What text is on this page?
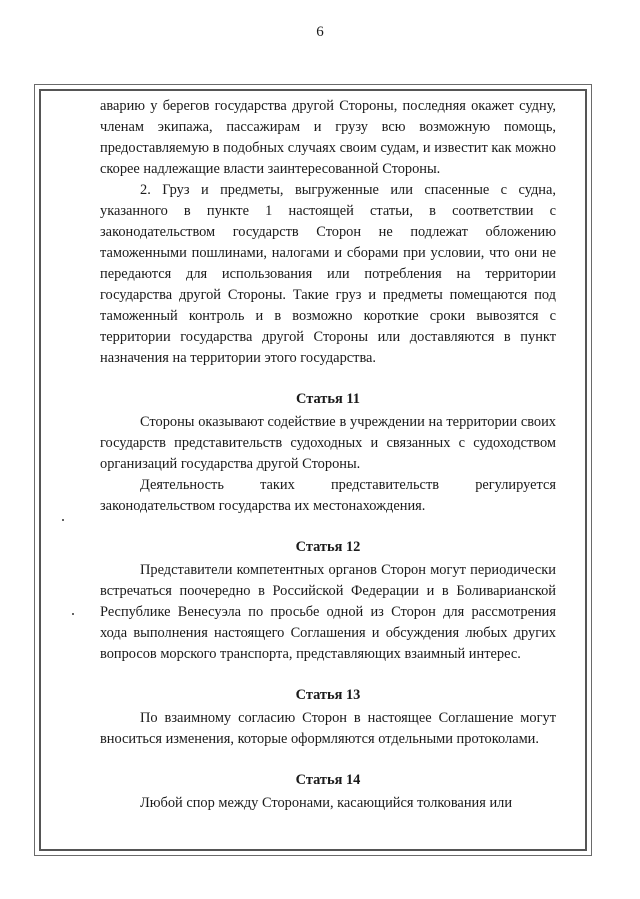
6

аварию у берегов государства другой Стороны, последняя окажет судну, членам экипажа, пассажирам и грузу всю возможную помощь, предоставляемую в подобных случаях своим судам, и известит как можно скорее надлежащие власти заинтересованной Стороны.

2. Груз и предметы, выгруженные или спасенные с судна, указанного в пункте 1 настоящей статьи, в соответствии с законодательством государств Сторон не подлежат обложению таможенными пошлинами, налогами и сборами при условии, что они не передаются для использования или потребления на территории государства другой Стороны. Такие груз и предметы помещаются под таможенный контроль и в возможно короткие сроки вывозятся с территории государства другой Стороны или доставляются в пункт назначения на территории этого государства.

Статья 11

Стороны оказывают содействие в учреждении на территории своих государств представительств судоходных и связанных с судоходством организаций государства другой Стороны.

Деятельность таких представительств регулируется законодательством государства их местонахождения.

Статья 12

Представители компетентных органов Сторон могут периодически встречаться поочередно в Российской Федерации и в Боливарианской Республике Венесуэла по просьбе одной из Сторон для рассмотрения хода выполнения настоящего Соглашения и обсуждения любых других вопросов морского транспорта, представляющих взаимный интерес.

Статья 13

По взаимному согласию Сторон в настоящее Соглашение могут вноситься изменения, которые оформляются отдельными протоколами.

Статья 14

Любой спор между Сторонами, касающийся толкования или
